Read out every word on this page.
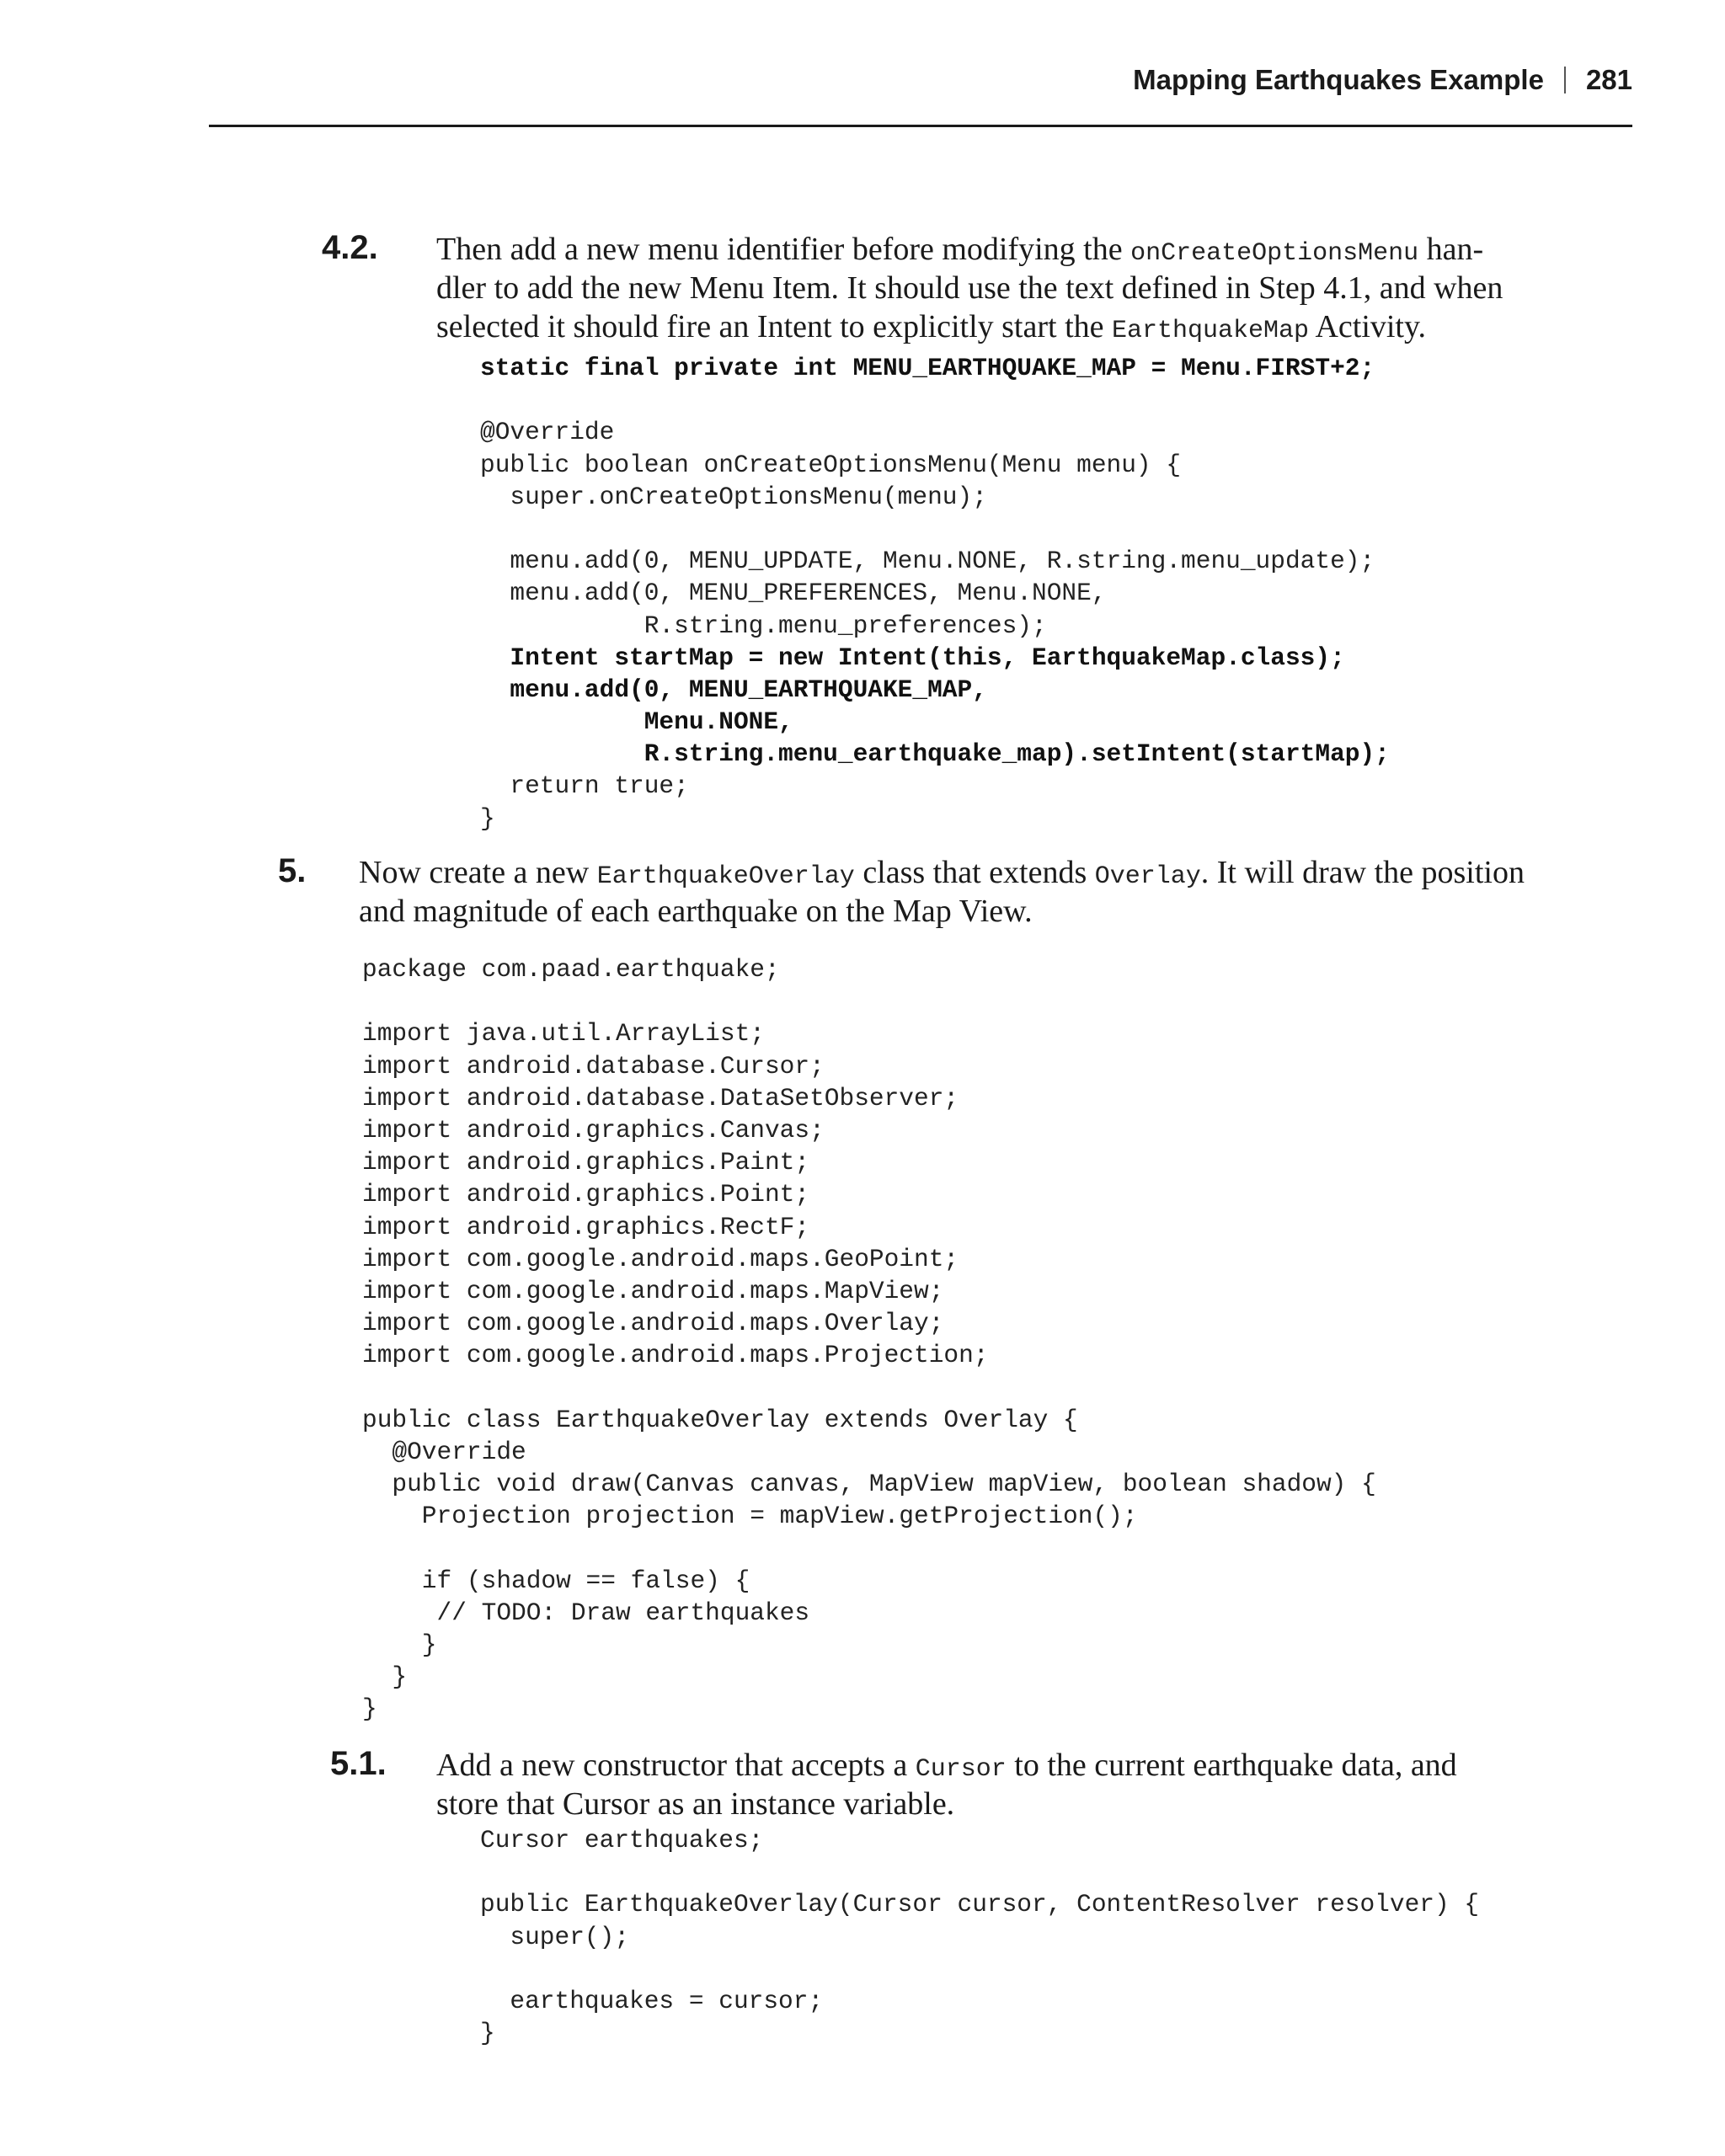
Mapping Earthquakes Example 281
4.2. Then add a new menu identifier before modifying the onCreateOptionsMenu han-
dler to add the new Menu Item. It should use the text defined in Step 4.1, and when
selected it should fire an Intent to explicitly start the EarthquakeMap Activity.
static final private int MENU_EARTHQUAKE_MAP = Menu.FIRST+2;
@Override
public boolean onCreateOptionsMenu(Menu menu) {
super.onCreateOptionsMenu(menu);
menu.add(0, MENU_UPDATE, Menu.NONE, R.string.menu_update);
menu.add(0, MENU_PREFERENCES, Menu.NONE,
R.string.menu_preferences);
Intent startMap = new Intent(this, EarthquakeMap.class);
menu.add(0, MENU_EARTHQUAKE_MAP,
Menu.NONE,
R.string.menu_earthquake_map).setIntent(startMap);
return true;
}
5. Now create a new EarthquakeOverlay class that extends Overlay. It will draw the position
and magnitude of each earthquake on the Map View.
package com.paad.earthquake;
import java.util.ArrayList;
import android.database.Cursor;
import android.database.DataSetObserver;
import android.graphics.Canvas;
import android.graphics.Paint;
import android.graphics.Point;
import android.graphics.RectF;
import com.google.android.maps.GeoPoint;
import com.google.android.maps.MapView;
import com.google.android.maps.Overlay;
import com.google.android.maps.Projection;
public class EarthquakeOverlay extends Overlay {
@Override
public void draw(Canvas canvas, MapView mapView, boolean shadow) {
Projection projection = mapView.getProjection();
if (shadow == false) {
// TODO: Draw earthquakes
}
}
}
5.1. Add a new constructor that accepts a Cursor to the current earthquake data, and
store that Cursor as an instance variable.
Cursor earthquakes;
public EarthquakeOverlay(Cursor cursor, ContentResolver resolver) {
super();
earthquakes = cursor;
}
